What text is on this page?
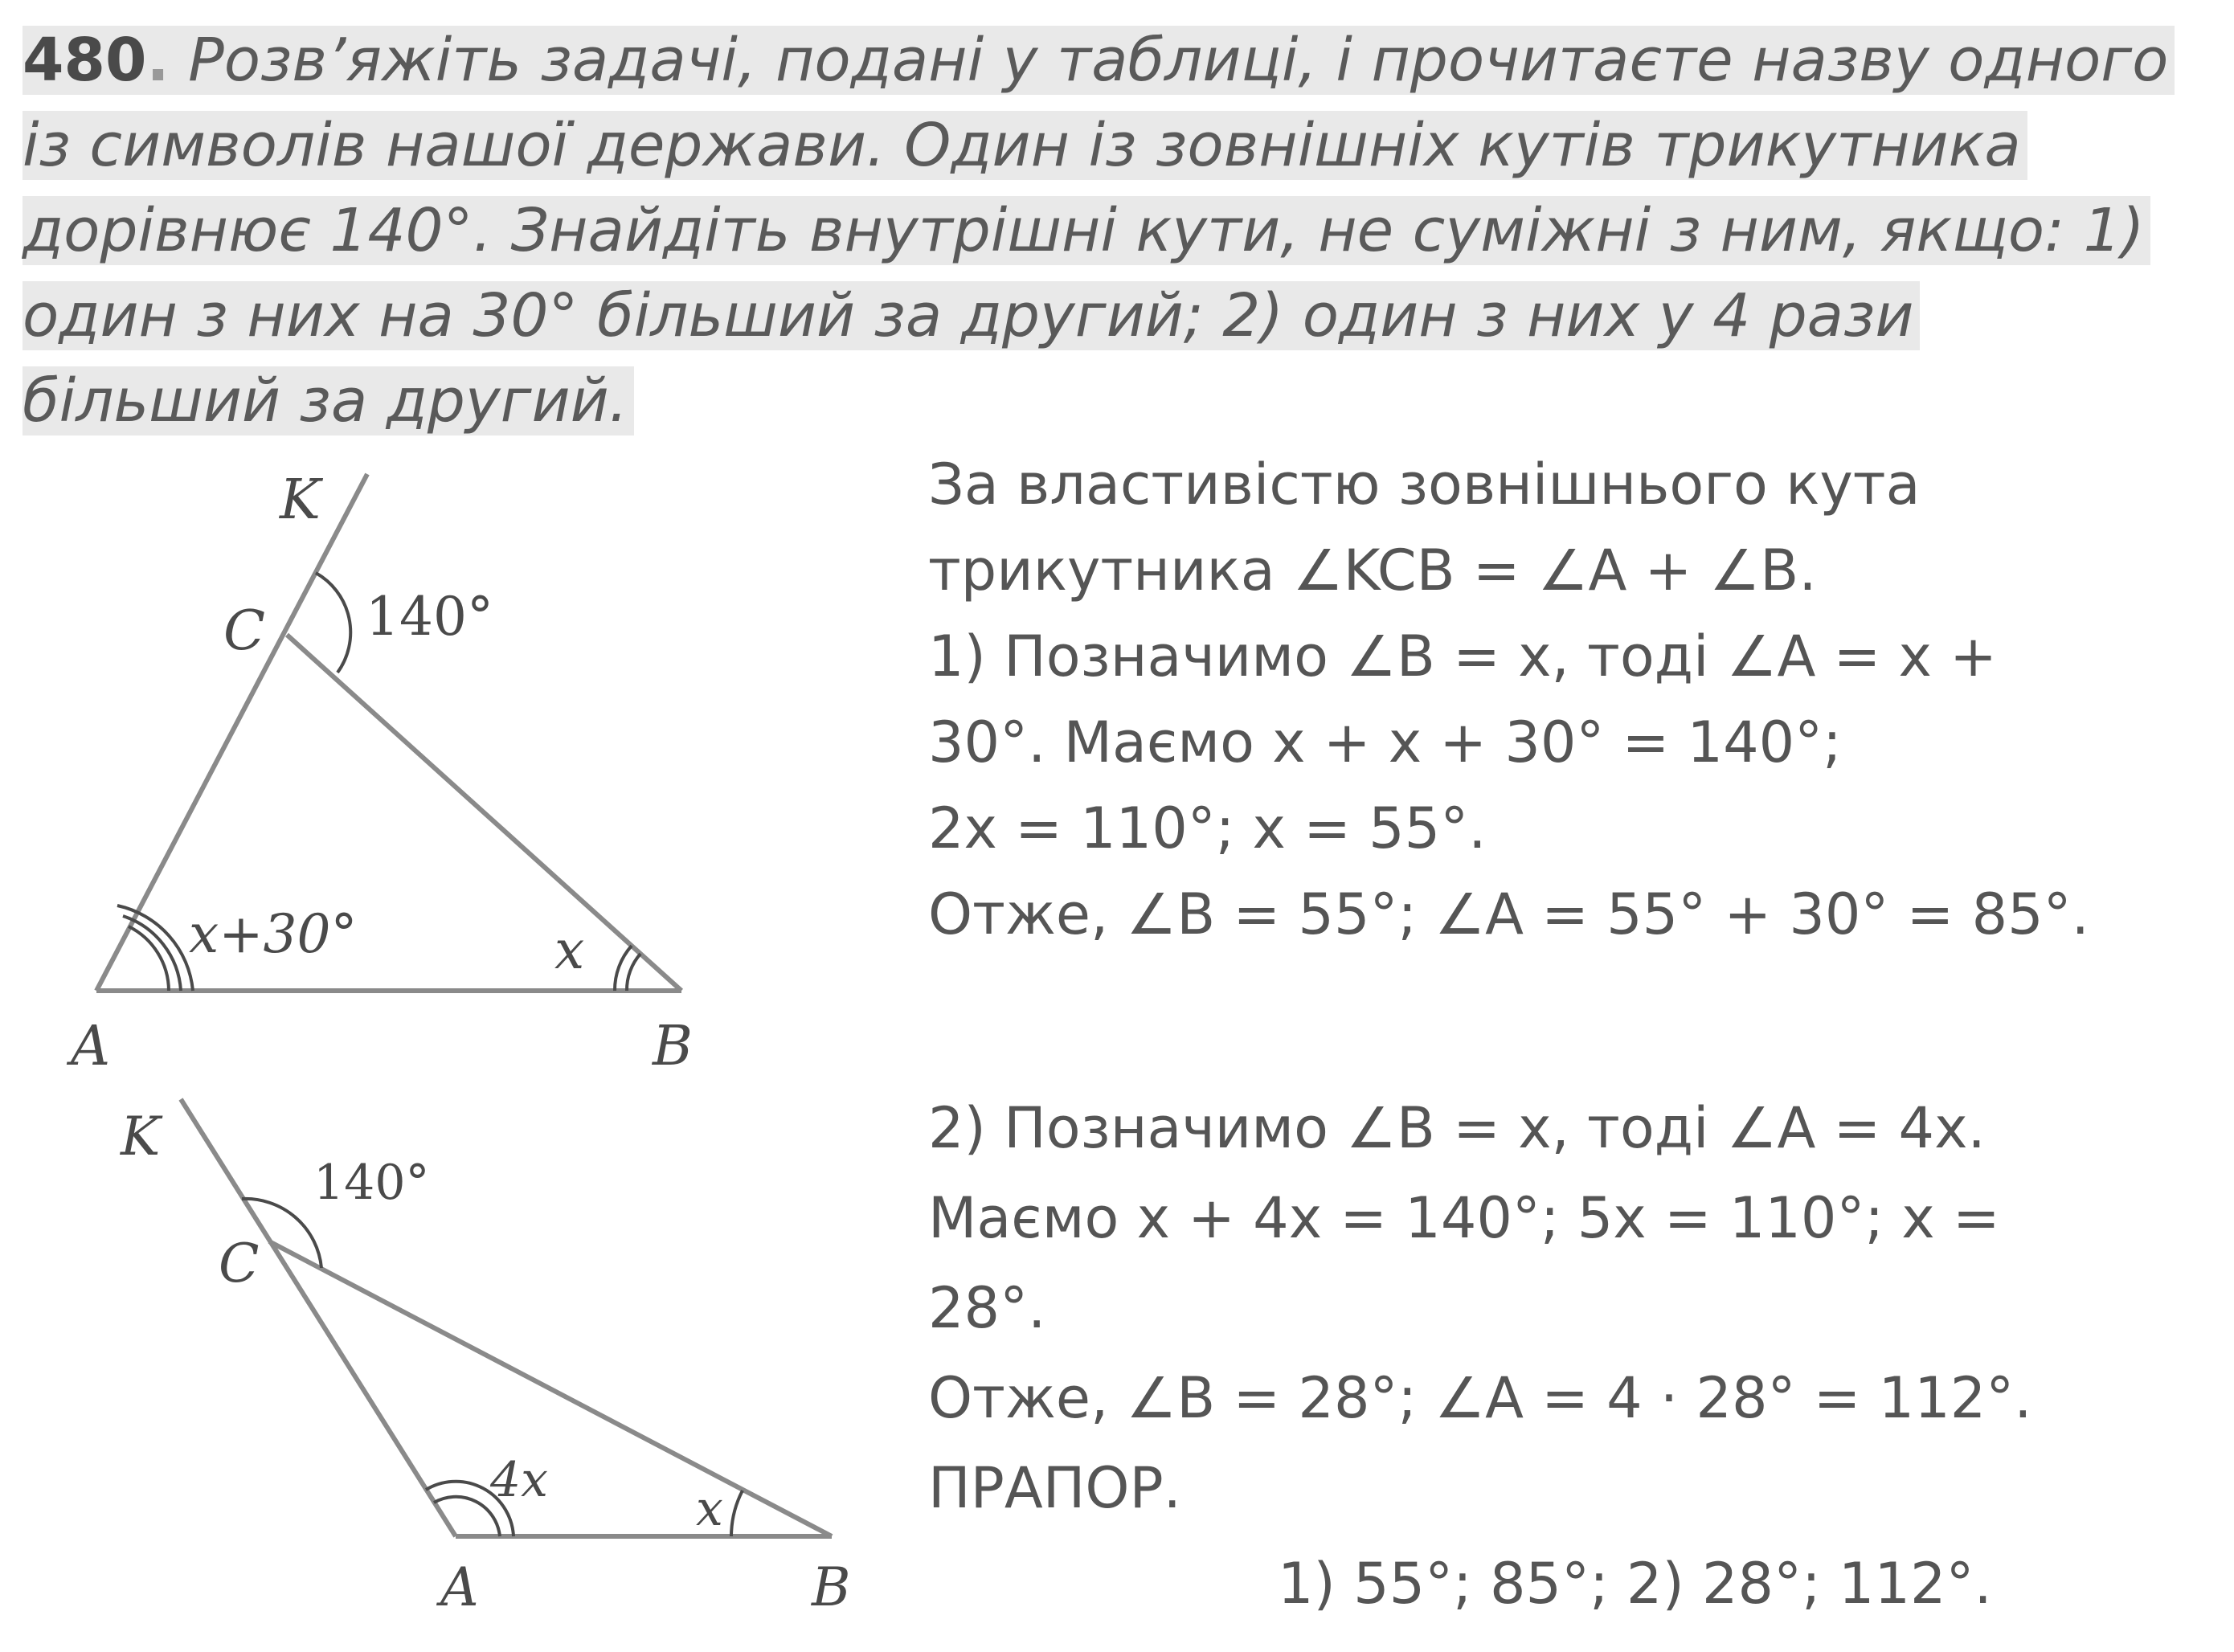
480. Розв’яжіть задачі, подані у таблиці, і прочитаєте назву одного
із символів нашої держави. Один із зовнішніх кутів трикутника
дорівнює 140°. Знайдіть внутрішні кути, не суміжні з ним, якщо: 1)
один з них на 30° більший за другий; 2) один з них у 4 рази
більший за другий.
K
C 140°
x+30°	x
A	B
K
C
140°
4x
x
A	B
За властивістю зовнішнього кута
трикутника ∠KCB = ∠A + ∠B.
1) Позначимо ∠B = x, тоді ∠A = x +
30°. Маємо x + x + 30° = 140°;
2x = 110°; x = 55°.
Отже, ∠B = 55°; ∠A = 55° + 30° = 85°.
2) Позначимо ∠B = x, тоді ∠A = 4x.
Маємо x + 4x = 140°; 5x = 110°; x =
28°.
Отже, ∠B = 28°; ∠A = 4 ⋅ 28° = 112°.
ПРАПОР.
1) 55°; 85°; 2) 28°; 112°.
